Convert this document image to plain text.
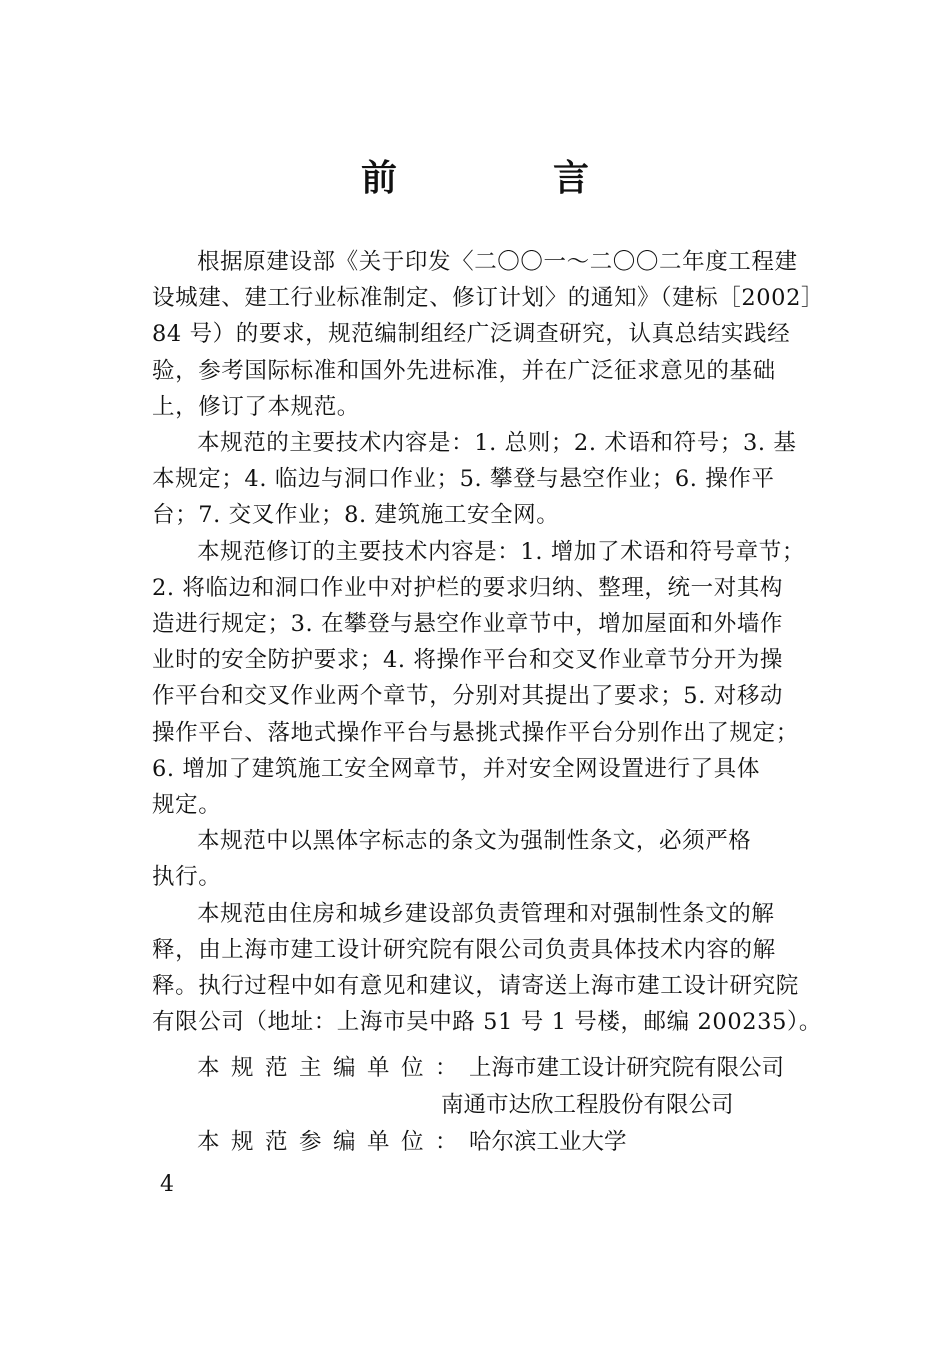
前　言

根据原建设部《关于印发〈二〇〇一～二〇〇二年度工程建
设城建、建工行业标准制定、修订计划〉的通知》（建标［2002］
84 号）的要求，规范编制组经广泛调查研究，认真总结实践经
验，参考国际标准和国外先进标准，并在广泛征求意见的基础
上，修订了本规范。

本规范的主要技术内容是：1. 总则；2. 术语和符号；3. 基
本规定；4. 临边与洞口作业；5. 攀登与悬空作业；6. 操作平
台；7. 交叉作业；8. 建筑施工安全网。

本规范修订的主要技术内容是：1. 增加了术语和符号章节；
2. 将临边和洞口作业中对护栏的要求归纳、整理，统一对其构
造进行规定；3. 在攀登与悬空作业章节中，增加屋面和外墙作
业时的安全防护要求；4. 将操作平台和交叉作业章节分开为操
作平台和交叉作业两个章节，分别对其提出了要求；5. 对移动
操作平台、落地式操作平台与悬挑式操作平台分别作出了规定；
6. 增加了建筑施工安全网章节，并对安全网设置进行了具体
规定。

本规范中以黑体字标志的条文为强制性条文，必须严格
执行。

本规范由住房和城乡建设部负责管理和对强制性条文的解
释，由上海市建工设计研究院有限公司负责具体技术内容的解
释。执行过程中如有意见和建议，请寄送上海市建工设计研究院
有限公司（地址：上海市吴中路 51 号 1 号楼，邮编 200235）。

本规范主编单位：上海市建工设计研究院有限公司
南通市达欣工程股份有限公司
本规范参编单位：哈尔滨工业大学
4
